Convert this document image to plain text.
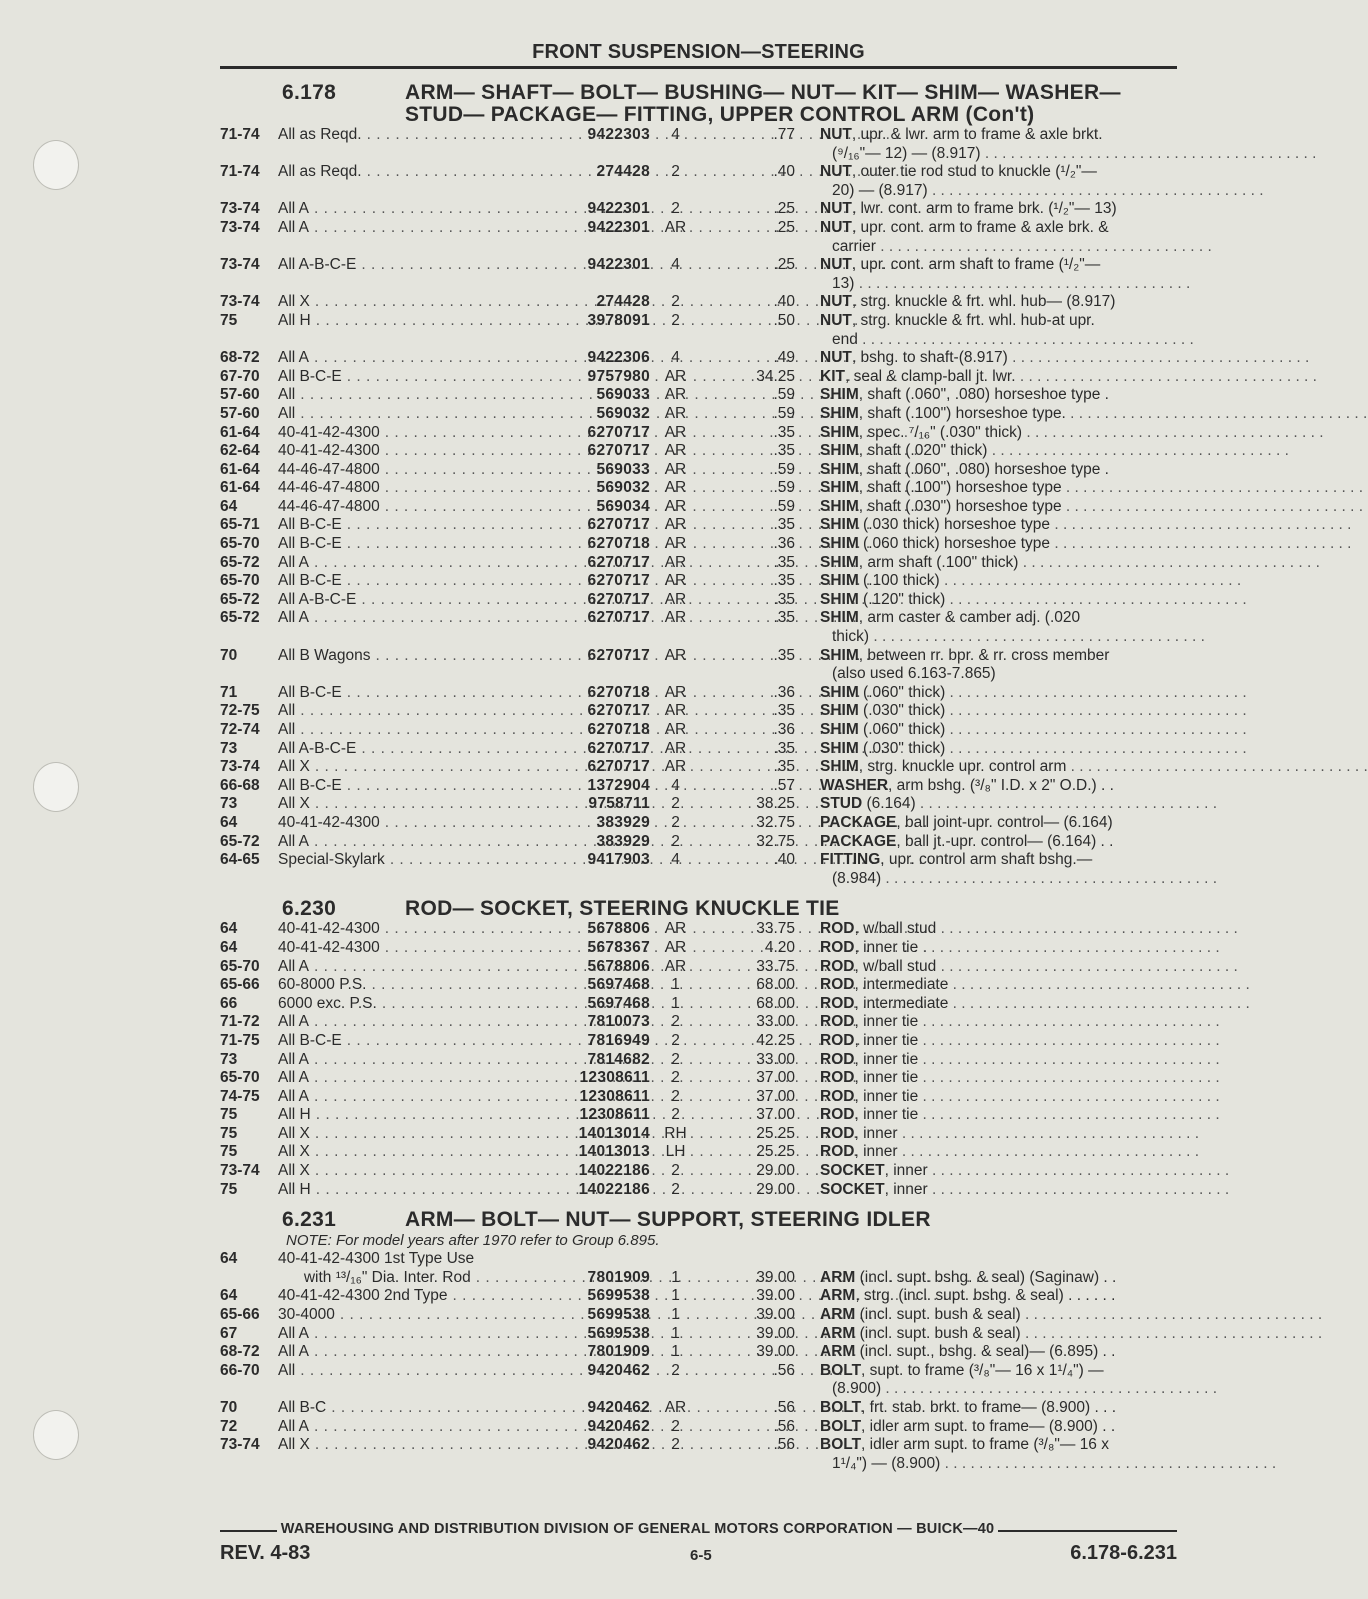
FRONT SUSPENSION—STEERING
6.178	ARM— SHAFT— BOLT— BUSHING— NUT— KIT— SHIM— WASHER—
STUD— PACKAGE— FITTING, UPPER CONTROL ARM (Con't)
71-74	All as Reqd. . . .	9422303	4	.77 NUT, upr. & lwr. arm to frame & axle brkt.
(⁹/₁₆"— 12) — (8.917) . . . . . . . . . . . . . . . . . . . . . . . . . . . . . . . . . . . . . . .
71-74	All as Reqd. . . .	274428	2	.40 NUT, outer tie rod stud to knuckle (¹/₂"—
20) — (8.917) . . . . . . . . . . . . . . . . . . . . . . . . . . . . . . . . . . . . . . .
73-74	All A . . .	9422301	2	.25 NUT, lwr. cont. arm to frame brk. (¹/₂"— 13)
73-74	All A . . .	9422301 AR	.25 NUT, upr. cont. arm to frame & axle brk. &
carrier . . . . . . . . . . . . . . . . . . . . . . . . . . . . . . . . . . . . . . .
73-74	All A-B-C-E . . .	9422301	4	.25 NUT, upr. cont. arm shaft to frame (¹/₂"—
13) . . . . . . . . . . . . . . . . . . . . . . . . . . . . . . . . . . . . . . .
73-74	All X . . .	274428	2	.40 NUT, strg. knuckle & frt. whl. hub— (8.917)
75	All H . . .	3978091	2	.50 NUT, strg. knuckle & frt. whl. hub-at upr.
end . . . . . . . . . . . . . . . . . . . . . . . . . . . . . . . . . . . . . . .
68-72	All A . . .	9422306	4	.49 NUT, bshg. to shaft-(8.917) . . . . . . . . . . . . . . . . . . . . . . . . . . . . . . . . . . .
67-70	All B-C-E . . .	9757980 AR	34.25 KIT, seal & clamp-ball jt. lwr. . . . . . . . . . . . . . . . . . . . . . . . . . . . . . . . . . . .
57-60	All . . .	569033 AR	.59 SHIM, shaft (.060", .080) horseshoe type .
57-60	All . . .	569032 AR	.59 SHIM, shaft (.100") horseshoe type. . . . . . . . . . . . . . . . . . . . . . . . . . . . . . . . . . . .
61-64	40-41-42-4300 . . .	6270717 AR	.35 SHIM, spec. ⁷/₁₆" (.030" thick) . . . . . . . . . . . . . . . . . . . . . . . . . . . . . . . . . . .
62-64	40-41-42-4300 . . .	6270717 AR	.35 SHIM, shaft (.020" thick) . . . . . . . . . . . . . . . . . . . . . . . . . . . . . . . . . . .
61-64	44-46-47-4800 . . .	569033 AR	.59 SHIM, shaft (.060", .080) horseshoe type .
61-64	44-46-47-4800 . . .	569032 AR	.59 SHIM, shaft (.100") horseshoe type . . . . . . . . . . . . . . . . . . . . . . . . . . . . . . . . . . .
64	44-46-47-4800 . . .	569034 AR	.59 SHIM, shaft (.030") horseshoe type . . . . . . . . . . . . . . . . . . . . . . . . . . . . . . . . . . .
65-71	All B-C-E . . .	6270717 AR	.35 SHIM (.030 thick) horseshoe type . . . . . . . . . . . . . . . . . . . . . . . . . . . . . . . . . . .
65-70	All B-C-E . . .	6270718 AR	.36 SHIM (.060 thick) horseshoe type . . . . . . . . . . . . . . . . . . . . . . . . . . . . . . . . . . .
65-72	All A . . .	6270717 AR	.35 SHIM, arm shaft (.100" thick) . . . . . . . . . . . . . . . . . . . . . . . . . . . . . . . . . . .
65-70	All B-C-E . . .	6270717 AR	.35 SHIM (.100 thick) . . . . . . . . . . . . . . . . . . . . . . . . . . . . . . . . . . .
65-72	All A-B-C-E . . .	6270717 AR	.35 SHIM (.120" thick) . . . . . . . . . . . . . . . . . . . . . . . . . . . . . . . . . . .
65-72	All A . . .	6270717 AR	.35 SHIM, arm caster & camber adj. (.020
thick) . . . . . . . . . . . . . . . . . . . . . . . . . . . . . . . . . . . . . . .
70	All B Wagons . . .	6270717 AR	.35 SHIM, between rr. bpr. & rr. cross member
(also used 6.163-7.865)
71	All B-C-E . . .	6270718 AR	.36 SHIM (.060" thick) . . . . . . . . . . . . . . . . . . . . . . . . . . . . . . . . . . .
72-75	All . . .	6270717 AR	.35 SHIM (.030" thick) . . . . . . . . . . . . . . . . . . . . . . . . . . . . . . . . . . .
72-74	All . . .	6270718 AR	.36 SHIM (.060" thick) . . . . . . . . . . . . . . . . . . . . . . . . . . . . . . . . . . .
73	All A-B-C-E . . .	6270717 AR	.35 SHIM (.030" thick) . . . . . . . . . . . . . . . . . . . . . . . . . . . . . . . . . . .
73-74	All X . . .	6270717 AR	.35 SHIM, strg. knuckle upr. control arm . . . . . . . . . . . . . . . . . . . . . . . . . . . . . . . . . . .
66-68	All B-C-E . . .	1372904	4	.57 WASHER, arm bshg. (³/₈" I.D. x 2" O.D.) . .
73	All X . . .	9758711	2	38.25 STUD (6.164) . . . . . . . . . . . . . . . . . . . . . . . . . . . . . . . . . . .
64	40-41-42-4300 . . .	383929	2	32.75 PACKAGE, ball joint-upr. control— (6.164)
65-72	All A . . .	383929	2	32.75 PACKAGE, ball jt.-upr. control— (6.164) . .
64-65	Special-Skylark . . .	9417903	4	.40 FITTING, upr. control arm shaft bshg.—
(8.984) . . . . . . . . . . . . . . . . . . . . . . . . . . . . . . . . . . . . . . .
6.230	ROD— SOCKET, STEERING KNUCKLE TIE
64	40-41-42-4300 . . .	5678806 AR	33.75 ROD, w/ball stud . . . . . . . . . . . . . . . . . . . . . . . . . . . . . . . . . . .
64	40-41-42-4300 . . .	5678367 AR	4.20 ROD, inner tie . . . . . . . . . . . . . . . . . . . . . . . . . . . . . . . . . . .
65-70	All A . . .	5678806 AR	33.75 ROD, w/ball stud . . . . . . . . . . . . . . . . . . . . . . . . . . . . . . . . . . .
65-66	60-8000 P.S. . . .	5697468	1	68.00 ROD, intermediate . . . . . . . . . . . . . . . . . . . . . . . . . . . . . . . . . . .
66	6000 exc. P.S. . . .	5697468	1	68.00 ROD, intermediate . . . . . . . . . . . . . . . . . . . . . . . . . . . . . . . . . . .
71-72	All A . . .	7810073	2	33.00 ROD, inner tie . . . . . . . . . . . . . . . . . . . . . . . . . . . . . . . . . . .
71-75	All B-C-E . . .	7816949	2	42.25 ROD, inner tie . . . . . . . . . . . . . . . . . . . . . . . . . . . . . . . . . . .
73	All A . . .	7814682	2	33.00 ROD, inner tie . . . . . . . . . . . . . . . . . . . . . . . . . . . . . . . . . . .
65-70	All A . . .	12308611	2	37.00 ROD, inner tie . . . . . . . . . . . . . . . . . . . . . . . . . . . . . . . . . . .
74-75	All A . . .	12308611	2	37.00 ROD, inner tie . . . . . . . . . . . . . . . . . . . . . . . . . . . . . . . . . . .
75	All H . . .	12308611	2	37.00 ROD, inner tie . . . . . . . . . . . . . . . . . . . . . . . . . . . . . . . . . . .
75	All X . . .	14013014 RH	25.25 ROD, inner . . . . . . . . . . . . . . . . . . . . . . . . . . . . . . . . . . .
75	All X . . .	14013013	LH	25.25 ROD, inner . . . . . . . . . . . . . . . . . . . . . . . . . . . . . . . . . . .
73-74	All X . . .	14022186	2	29.00 SOCKET, inner . . . . . . . . . . . . . . . . . . . . . . . . . . . . . . . . . . .
75	All H . . .	14022186	2	29.00 SOCKET, inner . . . . . . . . . . . . . . . . . . . . . . . . . . . . . . . . . . .
6.231	ARM— BOLT— NUT— SUPPORT, STEERING IDLER
NOTE: For model years after 1970 refer to Group 6.895.
64	40-41-42-4300 1st Type Use
with ¹³/₁₆" Dia. Inter. Rod . . .	7801909	1	39.00 ARM (incl. supt. bshg. & seal) (Saginaw) . .
64	40-41-42-4300 2nd Type . . .	5699538	1	39.00 ARM, strg. (incl. supt. bshg. & seal) . . . . . .
65-66	30-4000 . . .	5699538	1	39.00 ARM (incl. supt. bush & seal) . . . . . . . . . . . . . . . . . . . . . . . . . . . . . . . . . . .
67	All A . . .	5699538	1	39.00 ARM (incl. supt. bush & seal) . . . . . . . . . . . . . . . . . . . . . . . . . . . . . . . . . . .
68-72	All A . . .	7801909	1	39.00 ARM (incl. supt., bshg. & seal)— (6.895) . .
66-70	All . . .	9420462	2	.56 BOLT, supt. to frame (³/₈"— 16 x 1¹/₄") —
(8.900) . . . . . . . . . . . . . . . . . . . . . . . . . . . . . . . . . . . . . . .
70	All B-C . . .	9420462 AR	.56 BOLT, frt. stab. brkt. to frame— (8.900) . . .
72	All A . . .	9420462	2	.56 BOLT, idler arm supt. to frame— (8.900) . .
73-74	All X . . .	9420462	2	.56 BOLT, idler arm supt. to frame (³/₈"— 16 x
1¹/₄") — (8.900) . . . . . . . . . . . . . . . . . . . . . . . . . . . . . . . . . . . . . . .
WAREHOUSING AND DISTRIBUTION DIVISION OF GENERAL MOTORS CORPORATION — BUICK—40
REV. 4-83	6-5	6.178-6.231
